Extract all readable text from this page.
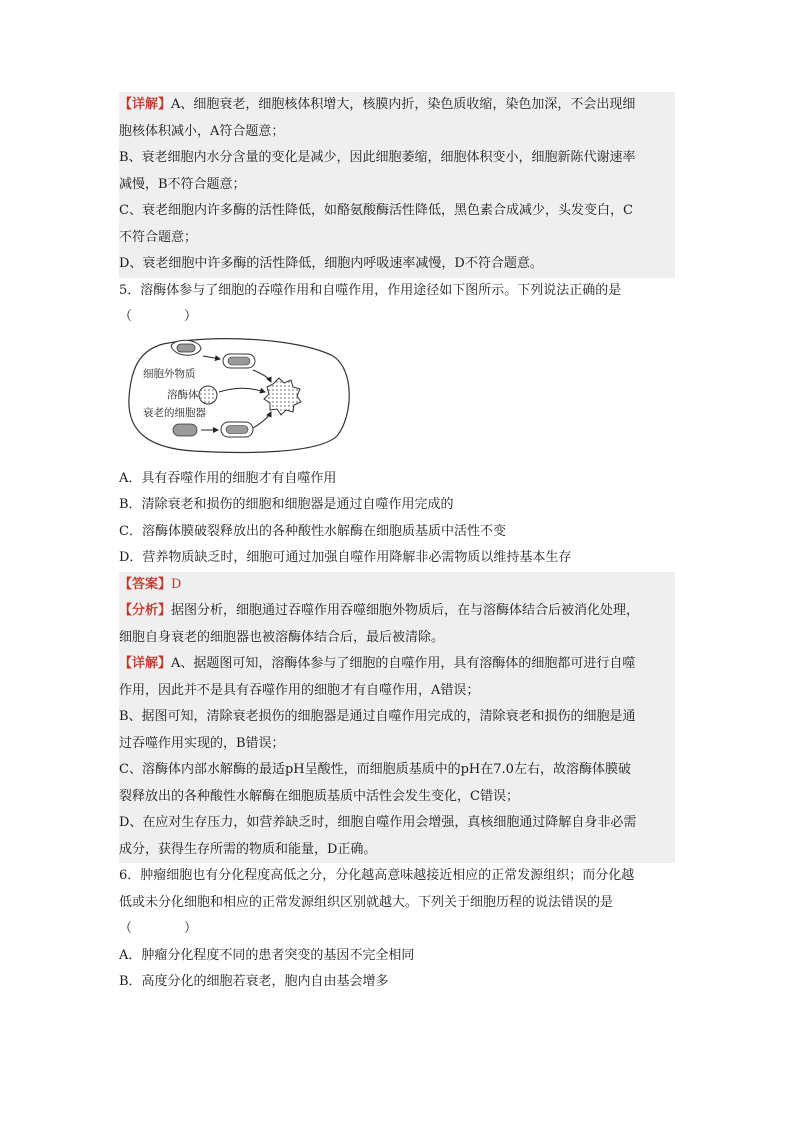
【详解】A、细胞衰老，细胞核体积增大，核膜内折，染色质收缩，染色加深，不会出现细
胞核体积减小，A符合题意；
B、衰老细胞内水分含量的变化是减少，因此细胞萎缩，细胞体积变小，细胞新陈代谢速率
减慢，B不符合题意；
C、衰老细胞内许多酶的活性降低，如酪氨酸酶活性降低，黑色素合成减少，头发变白，C
不符合题意；
D、衰老细胞中许多酶的活性降低，细胞内呼吸速率减慢，D不符合题意。
5．溶酶体参与了细胞的吞噬作用和自噬作用，作用途径如下图所示。下列说法正确的是
（　　　　）
细胞外物质
溶酶体
衰老的细胞器
A．具有吞噬作用的细胞才有自噬作用
B．清除衰老和损伤的细胞和细胞器是通过自噬作用完成的
C．溶酶体膜破裂释放出的各种酸性水解酶在细胞质基质中活性不变
D．营养物质缺乏时，细胞可通过加强自噬作用降解非必需物质以维持基本生存
【答案】D
【分析】据图分析，细胞通过吞噬作用吞噬细胞外物质后，在与溶酶体结合后被消化处理，
细胞自身衰老的细胞器也被溶酶体结合后，最后被清除。
【详解】A、据题图可知，溶酶体参与了细胞的自噬作用，具有溶酶体的细胞都可进行自噬
作用，因此并不是具有吞噬作用的细胞才有自噬作用，A错误；
B、据图可知，清除衰老损伤的细胞器是通过自噬作用完成的，清除衰老和损伤的细胞是通
过吞噬作用实现的，B错误；
C、溶酶体内部水解酶的最适pH呈酸性，而细胞质基质中的pH在7.0左右，故溶酶体膜破
裂释放出的各种酸性水解酶在细胞质基质中活性会发生变化，C错误；
D、在应对生存压力，如营养缺乏时，细胞自噬作用会增强，真核细胞通过降解自身非必需
成分，获得生存所需的物质和能量，D正确。
6．肿瘤细胞也有分化程度高低之分，分化越高意味越接近相应的正常发源组织；而分化越
低或未分化细胞和相应的正常发源组织区别就越大。下列关于细胞历程的说法错误的是
（　　　　）
A．肿瘤分化程度不同的患者突变的基因不完全相同
B．高度分化的细胞若衰老，胞内自由基会增多
